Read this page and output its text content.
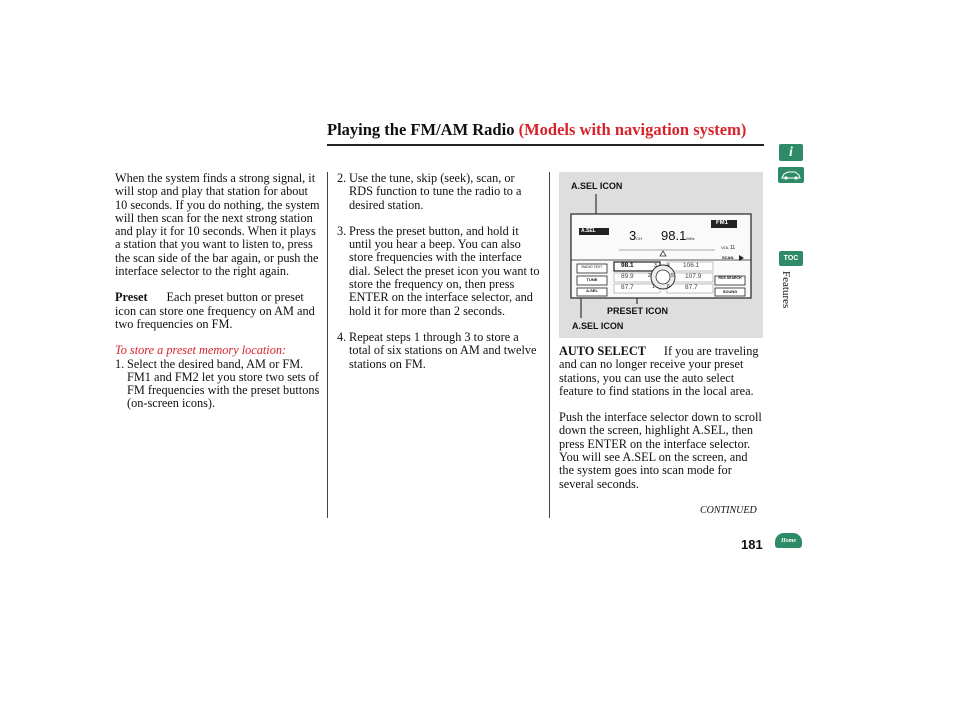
Playing the FM/AM Radio (Models with navigation system)

When the system finds a strong signal, it will stop and play that station for about 10 seconds. If you do nothing, the system will then scan for the next strong station and play it for 10 seconds. When it plays a station that you want to listen to, press the scan side of the bar again, or push the interface selector to the right again.

Preset Each preset button or preset icon can store one frequency on AM and two frequencies on FM.

To store a preset memory location:

1. Select the desired band, AM or FM. FM1 and FM2 let you store two sets of FM frequencies with the preset buttons (on-screen icons).
2. Use the tune, skip (seek), scan, or RDS function to tune the radio to a desired station.
3. Press the preset button, and hold it until you hear a beep. You can also store frequencies with the interface dial. Select the preset icon you want to store the frequency on, then press ENTER on the interface selector, and hold it for more than 2 seconds.
4. Repeat steps 1 through 3 to store a total of six stations on AM and twelve stations on FM.
A.SEL ICON
PRESET ICON
A.SEL ICON
A.SEL	3CH 98.1MHz
FM1
VOL 11
SCAN
RADIO TEXT
TUNE
A.SEL
RDS SEARCH
SOUND
98.1	3
89.9	2
87.7	1
4 106.1
5 107.9
6 87.7

AUTO SELECT If you are traveling and can no longer receive your preset stations, you can use the auto select feature to find stations in the local area.

Push the interface selector down to scroll down the screen, highlight A.SEL, then press ENTER on the interface selector. You will see A.SEL on the screen, and the system goes into scan mode for several seconds.

CONTINUED
181
i
TOC
Features
Home
